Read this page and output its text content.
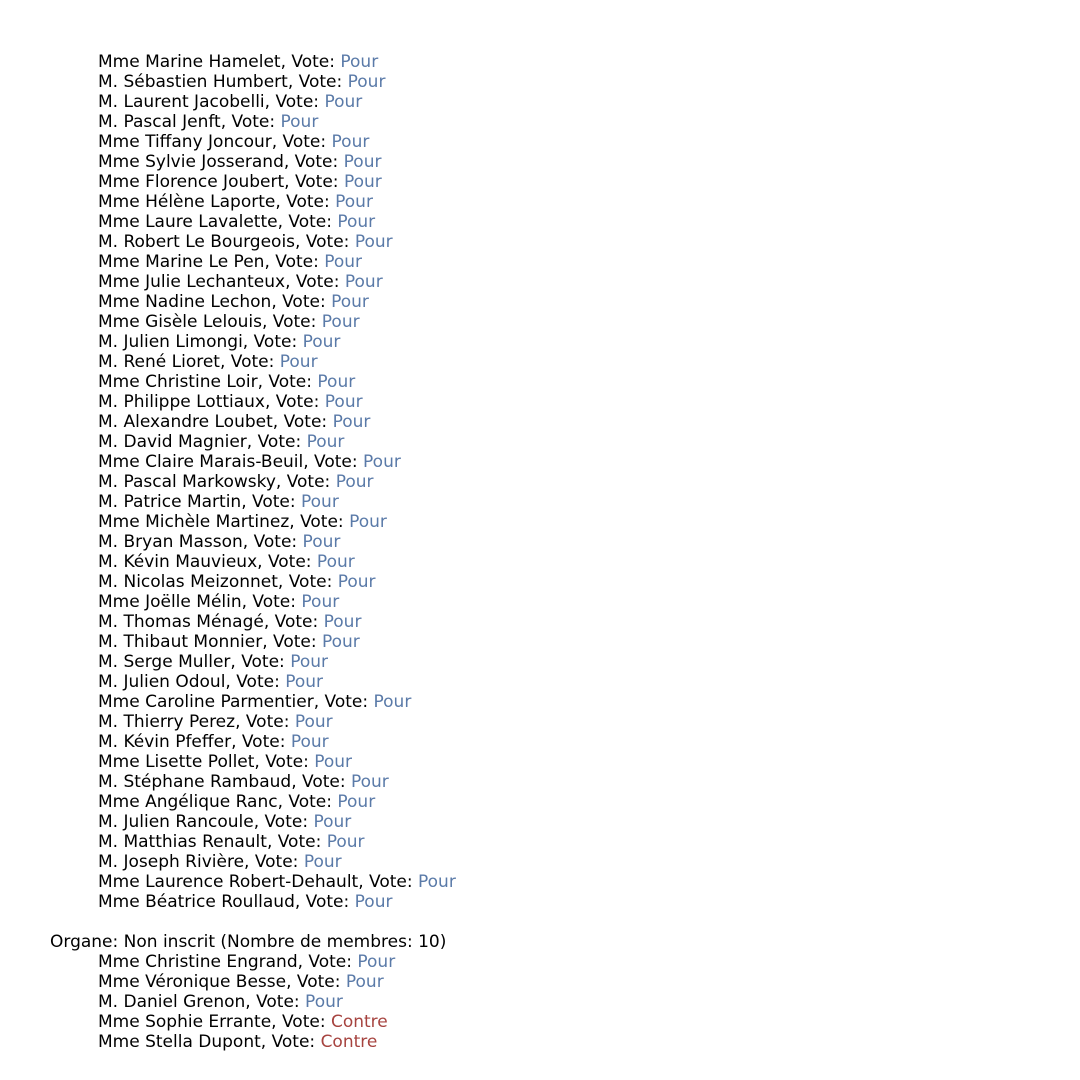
Mme Marine Hamelet, Vote: Pour
M. Sébastien Humbert, Vote: Pour
M. Laurent Jacobelli, Vote: Pour
M. Pascal Jenft, Vote: Pour
Mme Tiffany Joncour, Vote: Pour
Mme Sylvie Josserand, Vote: Pour
Mme Florence Joubert, Vote: Pour
Mme Hélène Laporte, Vote: Pour
Mme Laure Lavalette, Vote: Pour
M. Robert Le Bourgeois, Vote: Pour
Mme Marine Le Pen, Vote: Pour
Mme Julie Lechanteux, Vote: Pour
Mme Nadine Lechon, Vote: Pour
Mme Gisèle Lelouis, Vote: Pour
M. Julien Limongi, Vote: Pour
M. René Lioret, Vote: Pour
Mme Christine Loir, Vote: Pour
M. Philippe Lottiaux, Vote: Pour
M. Alexandre Loubet, Vote: Pour
M. David Magnier, Vote: Pour
Mme Claire Marais-Beuil, Vote: Pour
M. Pascal Markowsky, Vote: Pour
M. Patrice Martin, Vote: Pour
Mme Michèle Martinez, Vote: Pour
M. Bryan Masson, Vote: Pour
M. Kévin Mauvieux, Vote: Pour
M. Nicolas Meizonnet, Vote: Pour
Mme Joëlle Mélin, Vote: Pour
M. Thomas Ménagé, Vote: Pour
M. Thibaut Monnier, Vote: Pour
M. Serge Muller, Vote: Pour
M. Julien Odoul, Vote: Pour
Mme Caroline Parmentier, Vote: Pour
M. Thierry Perez, Vote: Pour
M. Kévin Pfeffer, Vote: Pour
Mme Lisette Pollet, Vote: Pour
M. Stéphane Rambaud, Vote: Pour
Mme Angélique Ranc, Vote: Pour
M. Julien Rancoule, Vote: Pour
M. Matthias Renault, Vote: Pour
M. Joseph Rivière, Vote: Pour
Mme Laurence Robert-Dehault, Vote: Pour
Mme Béatrice Roullaud, Vote: Pour
Organe: Non inscrit (Nombre de membres: 10)
Mme Christine Engrand, Vote: Pour
Mme Véronique Besse, Vote: Pour
M. Daniel Grenon, Vote: Pour
Mme Sophie Errante, Vote: Contre
Mme Stella Dupont, Vote: Contre
